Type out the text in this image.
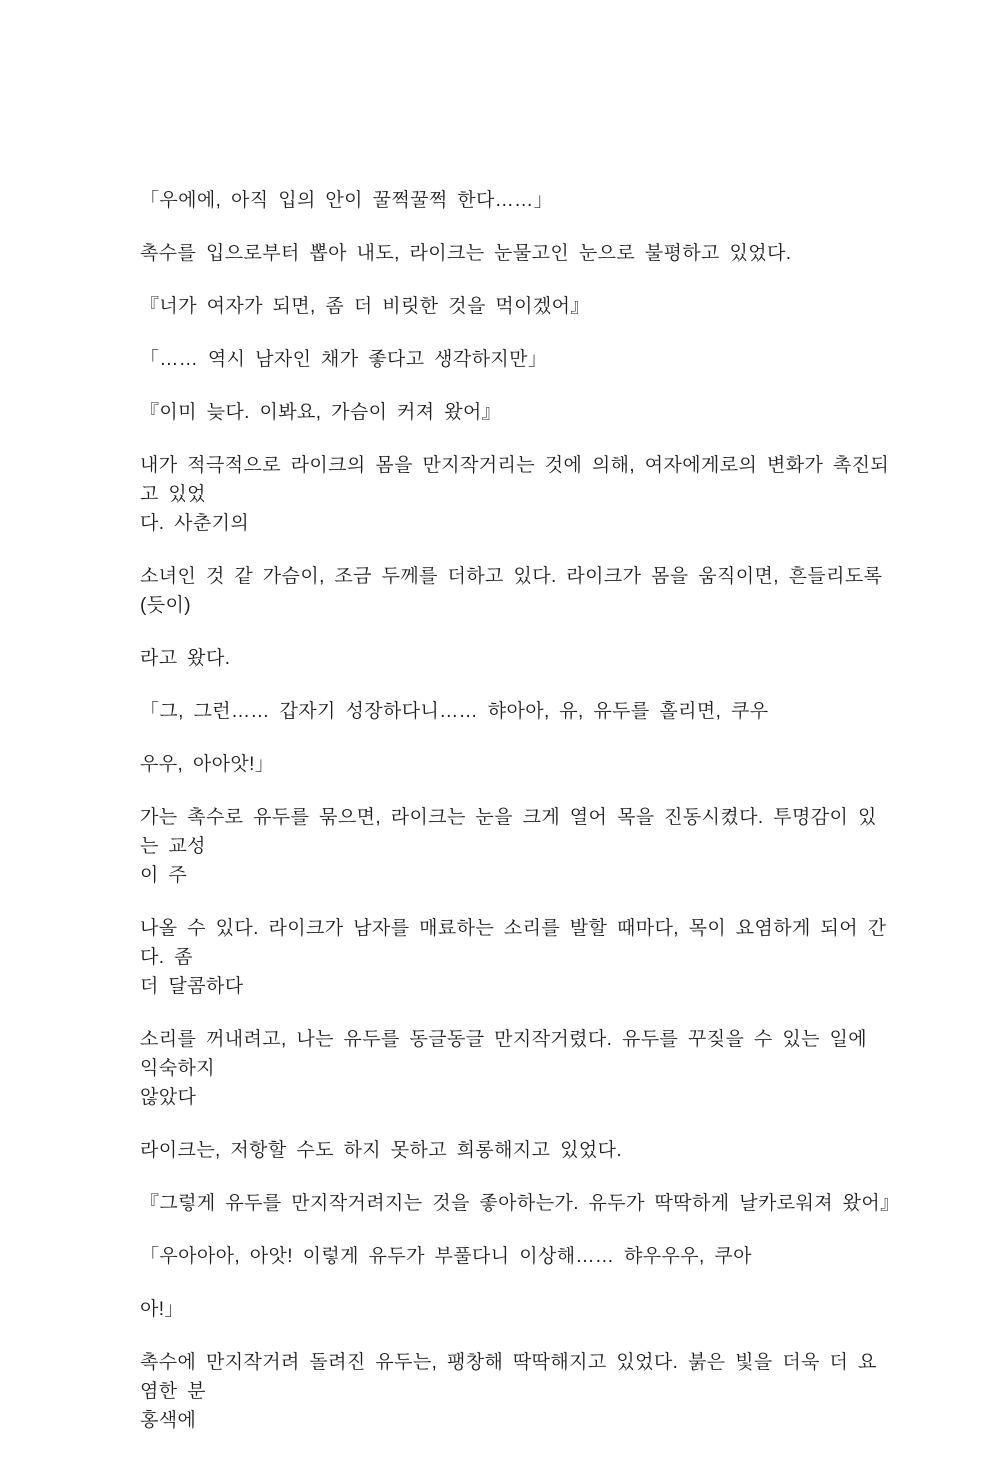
「우에에, 아직 입의 안이 꿀쩍꿀쩍 한다……」

촉수를 입으로부터 뽑아 내도, 라이크는 눈물고인 눈으로 불평하고 있었다.

『너가 여자가 되면, 좀 더 비릿한 것을 먹이겠어』

「…… 역시 남자인 채가 좋다고 생각하지만」

『이미 늦다. 이봐요, 가슴이 커져 왔어』

내가 적극적으로 라이크의 몸을 만지작거리는 것에 의해, 여자에게로의 변화가 촉진되고 있었
다. 사춘기의

소녀인 것 같 가슴이, 조금 두께를 더하고 있다. 라이크가 몸을 움직이면, 흔들리도록(듯이)

라고 왔다.

「그, 그런…… 갑자기 성장하다니…… 햐아아, 유, 유두를 홀리면, 쿠우

우우, 아아앗!」

가는 촉수로 유두를 묶으면, 라이크는 눈을 크게 열어 목을 진동시켰다. 투명감이 있는 교성
이 주

나올 수 있다. 라이크가 남자를 매료하는 소리를 발할 때마다, 목이 요염하게 되어 간다. 좀
더 달콤하다

소리를 꺼내려고, 나는 유두를 동글동글 만지작거렸다. 유두를 꾸짖을 수 있는 일에 익숙하지
않았다

라이크는, 저항할 수도 하지 못하고 희롱해지고 있었다.

『그렇게 유두를 만지작거려지는 것을 좋아하는가. 유두가 딱딱하게 날카로워져 왔어』

「우아아아, 아앗! 이렇게 유두가 부풀다니 이상해…… 햐우우우, 쿠아

아!」

촉수에 만지작거려 돌려진 유두는, 팽창해 딱딱해지고 있었다. 붉은 빛을 더욱 더 요염한 분
홍색에
